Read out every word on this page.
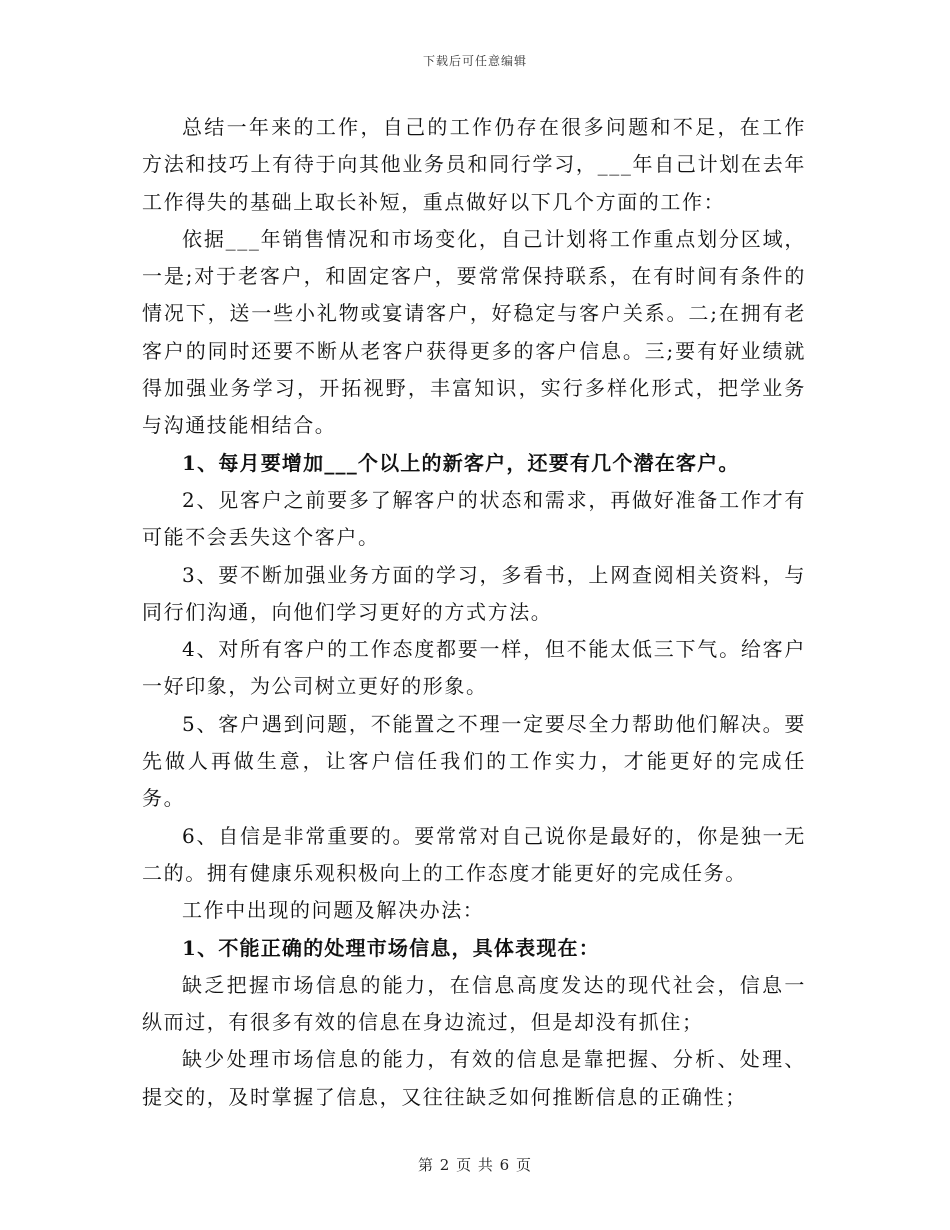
下载后可任意编辑

总结一年来的工作，自己的工作仍存在很多问题和不足，在工作方法和技巧上有待于向其他业务员和同行学习，___年自己计划在去年工作得失的基础上取长补短，重点做好以下几个方面的工作：

依据___年销售情况和市场变化，自己计划将工作重点划分区域，一是;对于老客户，和固定客户，要常常保持联系，在有时间有条件的情况下，送一些小礼物或宴请客户，好稳定与客户关系。二;在拥有老客户的同时还要不断从老客户获得更多的客户信息。三;要有好业绩就得加强业务学习，开拓视野，丰富知识，实行多样化形式，把学业务与沟通技能相结合。

1、每月要增加___个以上的新客户，还要有几个潜在客户。

2、见客户之前要多了解客户的状态和需求，再做好准备工作才有可能不会丢失这个客户。

3、要不断加强业务方面的学习，多看书，上网查阅相关资料，与同行们沟通，向他们学习更好的方式方法。

4、对所有客户的工作态度都要一样，但不能太低三下气。给客户一好印象，为公司树立更好的形象。

5、客户遇到问题，不能置之不理一定要尽全力帮助他们解决。要先做人再做生意，让客户信任我们的工作实力，才能更好的完成任务。

6、自信是非常重要的。要常常对自己说你是最好的，你是独一无二的。拥有健康乐观积极向上的工作态度才能更好的完成任务。

工作中出现的问题及解决办法：

1、不能正确的处理市场信息，具体表现在：

缺乏把握市场信息的能力，在信息高度发达的现代社会，信息一纵而过，有很多有效的信息在身边流过，但是却没有抓住；

缺少处理市场信息的能力，有效的信息是靠把握、分析、处理、提交的，及时掌握了信息，又往往缺乏如何推断信息的正确性；

第 2 页 共 6 页
